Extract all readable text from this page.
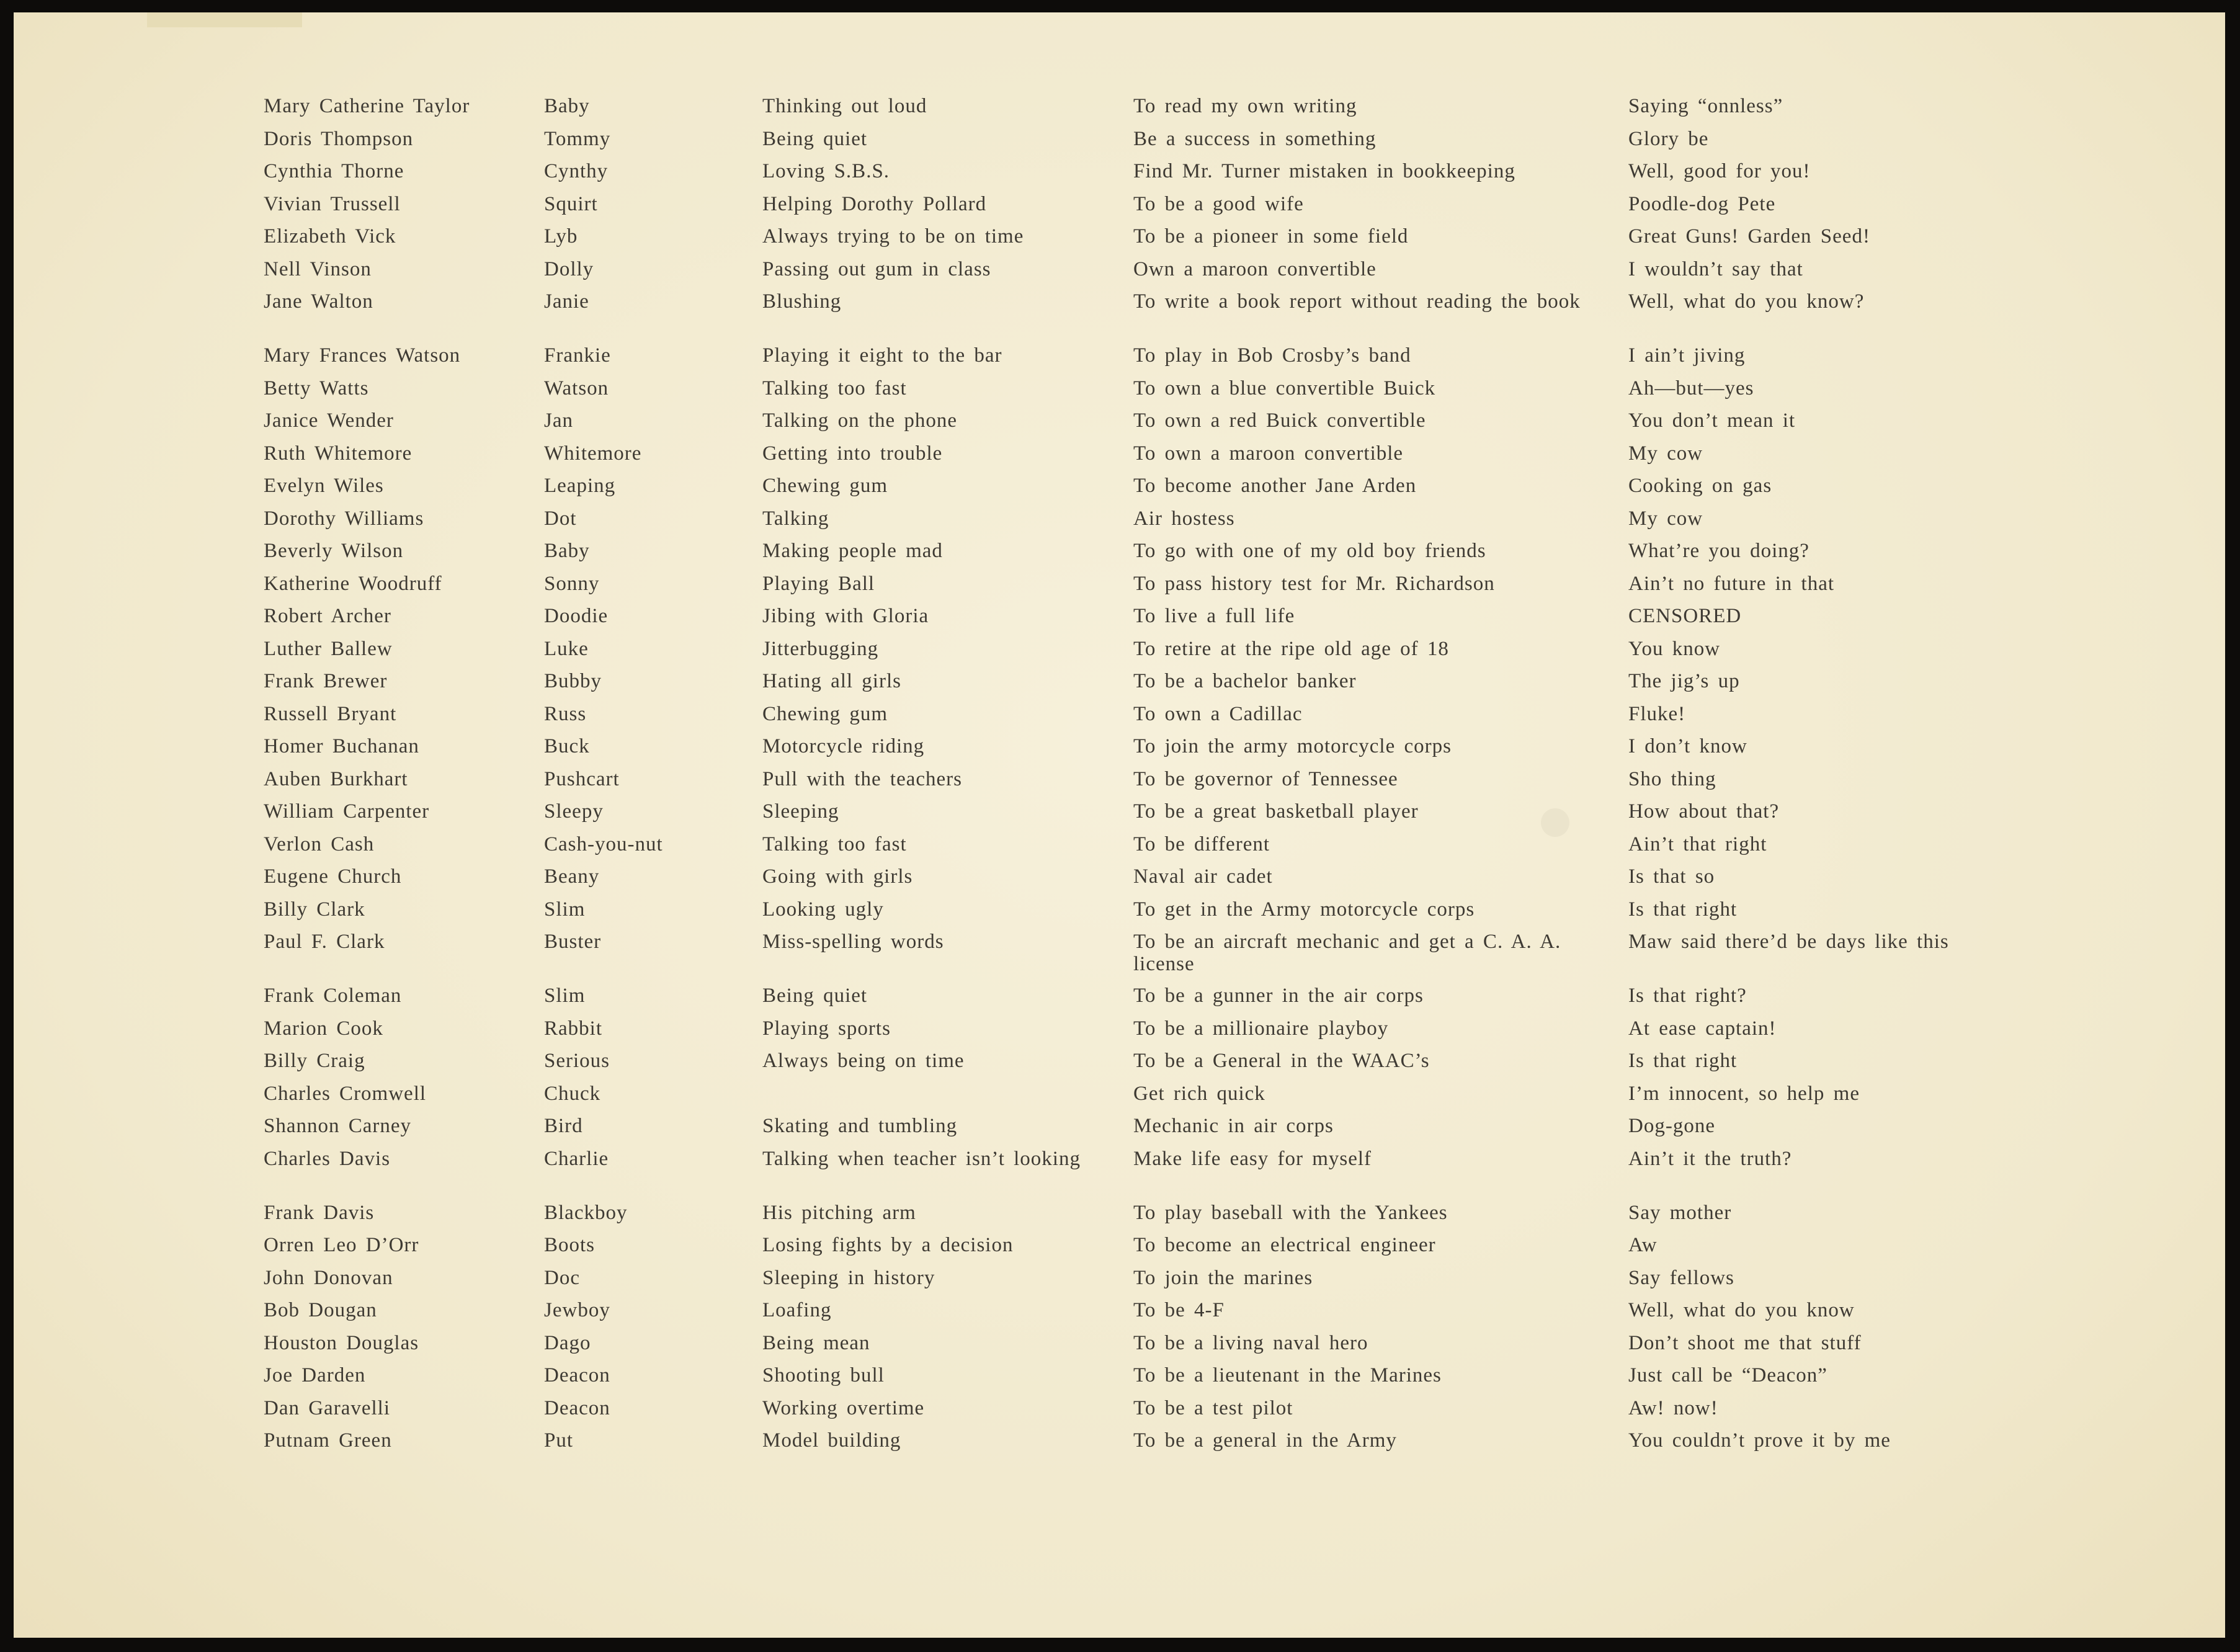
Mary Catherine Taylor	Baby	Thinking out loud	To read my own writing	Saying “onnless”
Doris Thompson	Tommy	Being quiet	Be a success in something	Glory be
Cynthia Thorne	Cynthy	Loving S.B.S.	Find Mr. Turner mistaken in bookkeeping	Well, good for you!
Vivian Trussell	Squirt	Helping Dorothy Pollard	To be a good wife	Poodle-dog Pete
Elizabeth Vick	Lyb	Always trying to be on time	To be a pioneer in some field	Great Guns! Garden Seed!
Nell Vinson	Dolly	Passing out gum in class	Own a maroon convertible	I wouldn’t say that
Jane Walton	Janie	Blushing	To write a book report without reading the book	Well, what do you know?
Mary Frances Watson	Frankie	Playing it eight to the bar	To play in Bob Crosby’s band	I ain’t jiving
Betty Watts	Watson	Talking too fast	To own a blue convertible Buick	Ah—but—yes
Janice Wender	Jan	Talking on the phone	To own a red Buick convertible	You don’t mean it
Ruth Whitemore	Whitemore	Getting into trouble	To own a maroon convertible	My cow
Evelyn Wiles	Leaping	Chewing gum	To become another Jane Arden	Cooking on gas
Dorothy Williams	Dot	Talking	Air hostess	My cow
Beverly Wilson	Baby	Making people mad	To go with one of my old boy friends	What’re you doing?
Katherine Woodruff	Sonny	Playing Ball	To pass history test for Mr. Richardson	Ain’t no future in that
Robert Archer	Doodie	Jibing with Gloria	To live a full life	CENSORED
Luther Ballew	Luke	Jitterbugging	To retire at the ripe old age of 18	You know
Frank Brewer	Bubby	Hating all girls	To be a bachelor banker	The jig’s up
Russell Bryant	Russ	Chewing gum	To own a Cadillac	Fluke!
Homer Buchanan	Buck	Motorcycle riding	To join the army motorcycle corps	I don’t know
Auben Burkhart	Pushcart	Pull with the teachers	To be governor of Tennessee	Sho thing
William Carpenter	Sleepy	Sleeping	To be a great basketball player	How about that?
Verlon Cash	Cash-you-nut	Talking too fast	To be different	Ain’t that right
Eugene Church	Beany	Going with girls	Naval air cadet	Is that so
Billy Clark	Slim	Looking ugly	To get in the Army motorcycle corps	Is that right
Paul F. Clark	Buster	Miss-spelling words	To be an aircraft mechanic and get a C. A. A. license	Maw said there’d be days like this
Frank Coleman	Slim	Being quiet	To be a gunner in the air corps	Is that right?
Marion Cook	Rabbit	Playing sports	To be a millionaire playboy	At ease captain!
Billy Craig	Serious	Always being on time	To be a General in the WAAC’s	Is that right
Charles Cromwell	Chuck		Get rich quick	I’m innocent, so help me
Shannon Carney	Bird	Skating and tumbling	Mechanic in air corps	Dog-gone
Charles Davis	Charlie	Talking when teacher isn’t looking	Make life easy for myself	Ain’t it the truth?
Frank Davis	Blackboy	His pitching arm	To play baseball with the Yankees	Say mother
Orren Leo D’Orr	Boots	Losing fights by a decision	To become an electrical engineer	Aw
John Donovan	Doc	Sleeping in history	To join the marines	Say fellows
Bob Dougan	Jewboy	Loafing	To be 4-F	Well, what do you know
Houston Douglas	Dago	Being mean	To be a living naval hero	Don’t shoot me that stuff
Joe Darden	Deacon	Shooting bull	To be a lieutenant in the Marines	Just call be “Deacon”
Dan Garavelli	Deacon	Working overtime	To be a test pilot	Aw! now!
Putnam Green	Put	Model building	To be a general in the Army	You couldn’t prove it by me
